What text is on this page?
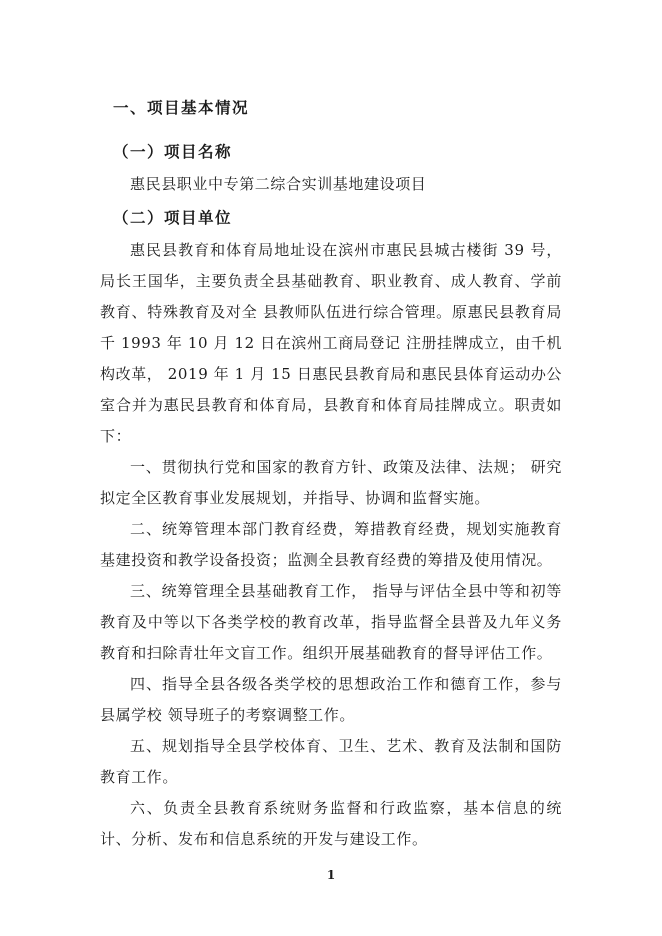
一、项目基本情况
（一）项目名称

惠民县职业中专第二综合实训基地建设项目

（二）项目单位

惠民县教育和体育局地址设在滨州市惠民县城古楼街 39 号，局长王国华，主要负责全县基础教育、职业教育、成人教育、学前教育、特殊教育及对全 县教师队伍进行综合管理。原惠民县教育局千 1993 年 10 月 12 日在滨州工商局登记 注册挂牌成立，由千机构改革， 2019 年 1 月 15 日惠民县教育局和惠民县体育运动办公室合并为惠民县教育和体育局，县教育和体育局挂牌成立。职责如下：

一、贯彻执行党和国家的教育方针、政策及法律、法规； 研究拟定全区教育事业发展规划，并指导、协调和监督实施。

二、统筹管理本部门教育经费，筹措教育经费，规划实施教育基建投资和教学设备投资；监测全县教育经费的筹措及使用情况。

三、统筹管理全县基础教育工作， 指导与评估全县中等和初等教育及中等以下各类学校的教育改革，指导监督全县普及九年义务教育和扫除青壮年文盲工作。组织开展基础教育的督导评估工作。

四、指导全县各级各类学校的思想政治工作和德育工作，参与县属学校 领导班子的考察调整工作。

五、规划指导全县学校体育、卫生、艺术、教育及法制和国防教育工作。

六、负责全县教育系统财务监督和行政监察，基本信息的统计、分析、发布和信息系统的开发与建设工作。

1
